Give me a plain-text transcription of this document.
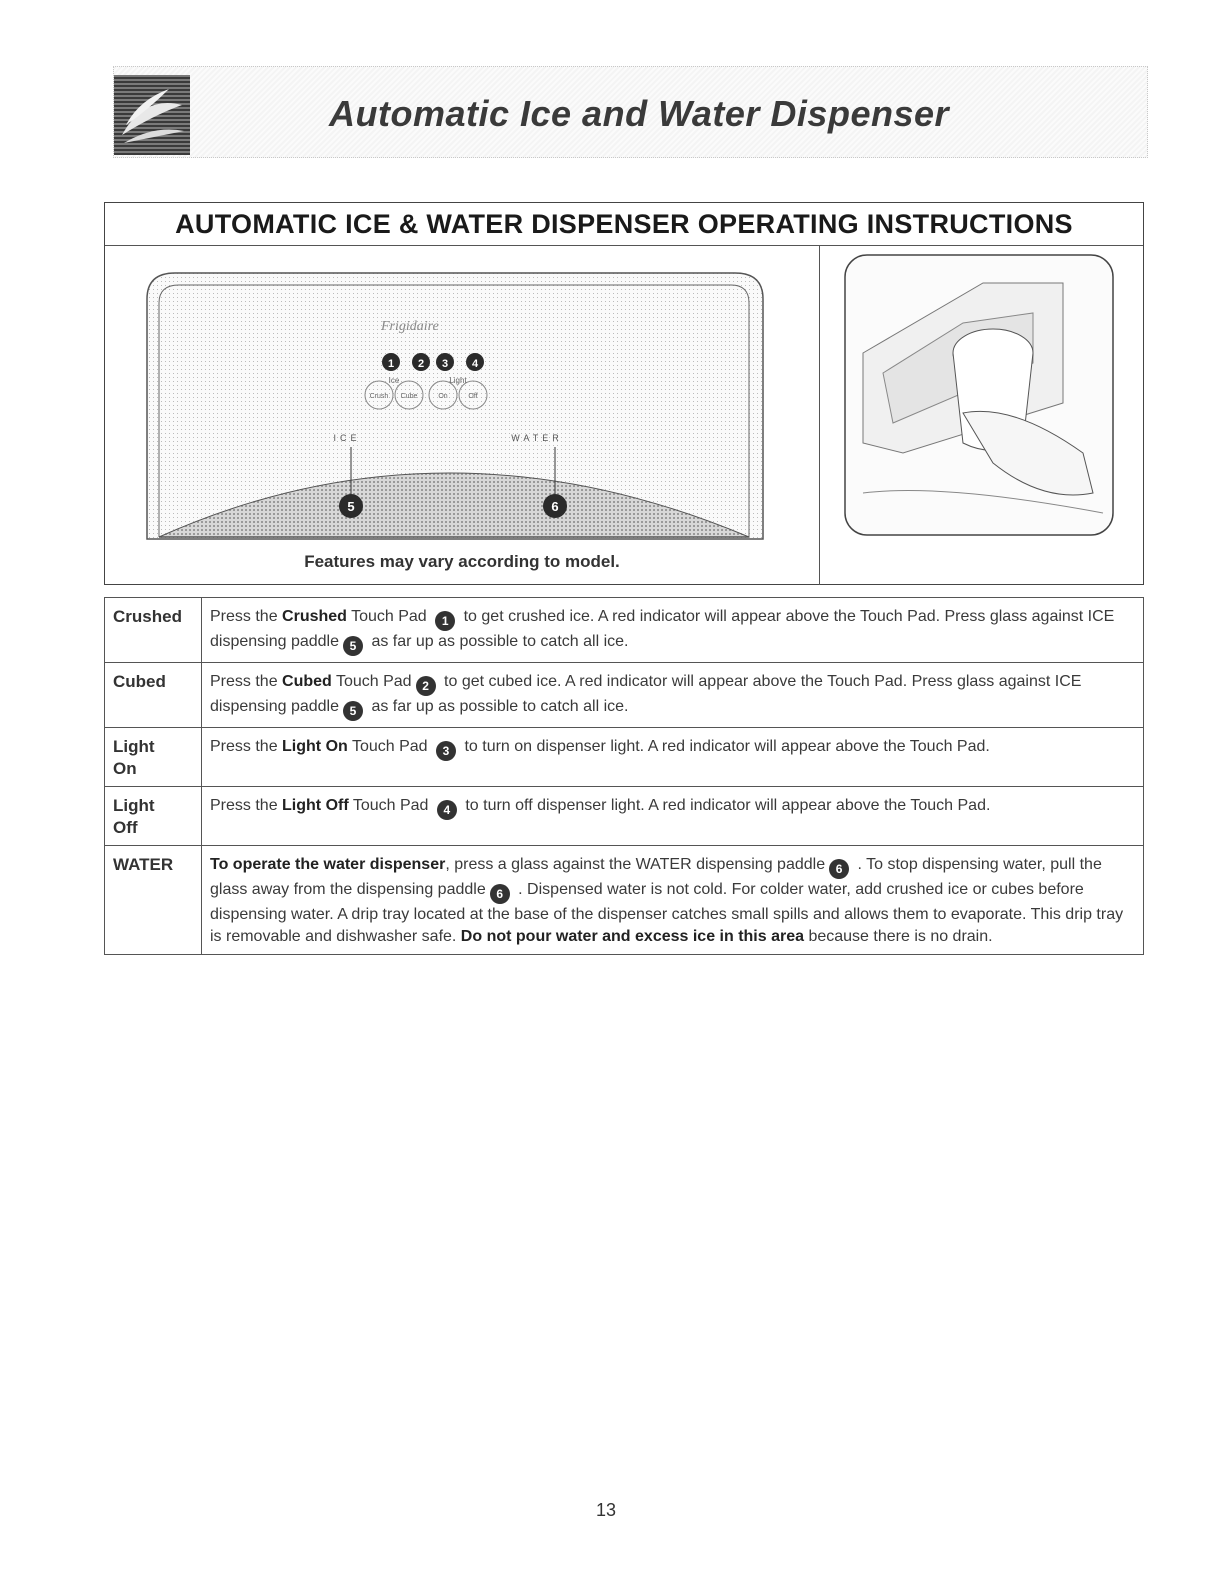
Automatic Ice and Water Dispenser
AUTOMATIC ICE & WATER DISPENSER OPERATING INSTRUCTIONS
Frigidaire
1 2 3 4
5	6
Ice	Light
Crush Cube	On	Off
ICE	WATER
Features may vary according to model.
Crushed	Press the Crushed Touch Pad 1 to get crushed ice. A red indicator will appear above the Touch Pad. Press glass against ICE dispensing paddle 5 as far up as possible to catch all ice.
Cubed	Press the Cubed Touch Pad 2 to get cubed ice. A red indicator will appear above the Touch Pad. Press glass against ICE dispensing paddle 5 as far up as possible to catch all ice.
Light
On	Press the Light On Touch Pad 3 to turn on dispenser light. A red indicator will appear above the Touch Pad.
Light
Off	Press the Light Off Touch Pad 4 to turn off dispenser light. A red indicator will appear above the Touch Pad.
WATER	To operate the water dispenser, press a glass against the WATER dispensing paddle 6 . To stop dispensing water, pull the glass away from the dispensing paddle 6 . Dispensed water is not cold. For colder water, add crushed ice or cubes before dispensing water. A drip tray located at the base of the dispenser catches small spills and allows them to evaporate. This drip tray is removable and dishwasher safe. Do not pour water and excess ice in this area because there is no drain.
13
